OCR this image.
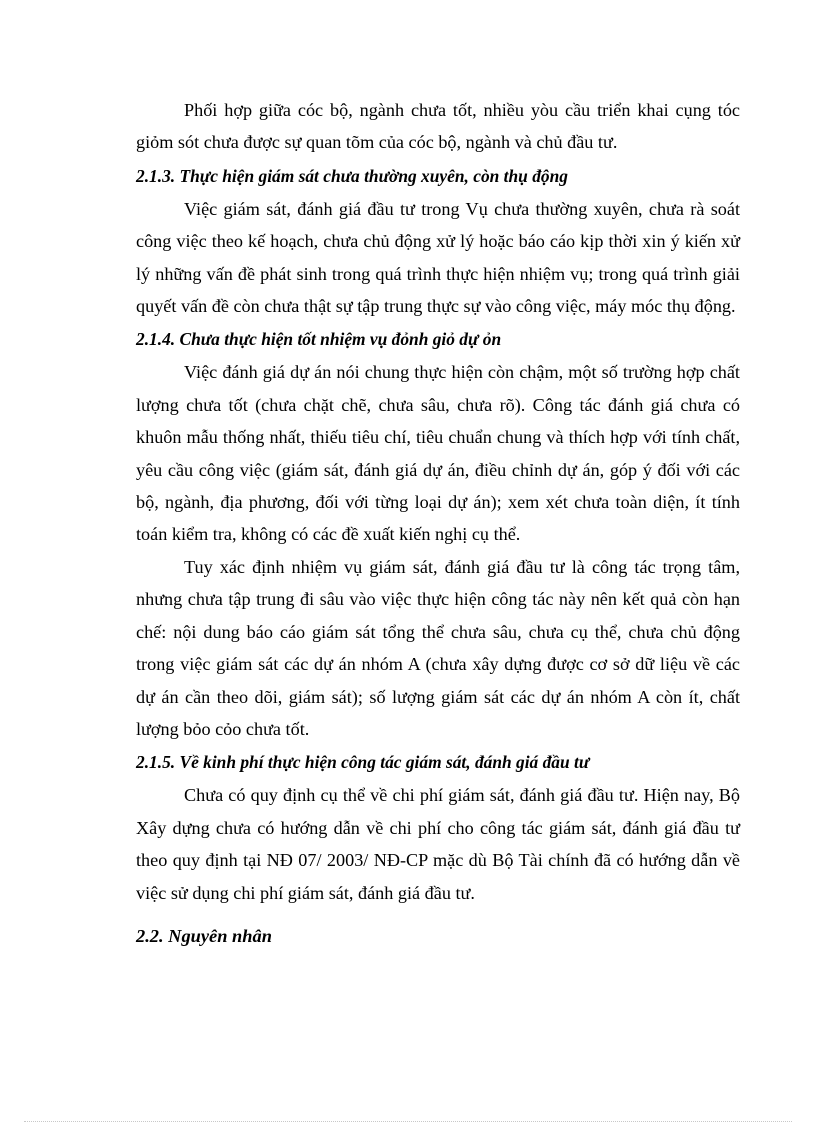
Phối hợp giữa cóc bộ, ngành chưa tốt, nhiều yòu cầu triển khai cụng tóc giỏm sót chưa được sự quan tõm của cóc bộ, ngành và chủ đầu tư.

2.1.3. Thực hiện giám sát chưa thường xuyên, còn thụ động

Việc giám sát, đánh giá đầu tư trong Vụ chưa thường xuyên, chưa rà soát công việc theo kế hoạch, chưa chủ động xử lý hoặc báo cáo kịp thời xin ý kiến xử lý những vấn đề phát sinh trong quá trình thực hiện nhiệm vụ; trong quá trình giải quyết vấn đề còn chưa thật sự tập trung thực sự vào công việc, máy móc thụ động.

2.1.4. Chưa thực hiện tốt nhiệm vụ đỏnh giỏ dự ỏn

Việc đánh giá dự án nói chung thực hiện còn chậm, một số trường hợp chất lượng chưa tốt (chưa chặt chẽ, chưa sâu, chưa rõ). Công tác đánh giá chưa có khuôn mẫu thống nhất, thiếu tiêu chí, tiêu chuẩn chung và thích hợp với tính chất, yêu cầu công việc (giám sát, đánh giá dự án, điều chỉnh dự án, góp ý đối với các bộ, ngành, địa phương, đối với từng loại dự án); xem xét chưa toàn diện, ít tính toán kiểm tra, không có các đề xuất kiến nghị cụ thể.

Tuy xác định nhiệm vụ giám sát, đánh giá đầu tư là công tác trọng tâm, nhưng chưa tập trung đi sâu vào việc thực hiện công tác này nên kết quả còn hạn chế: nội dung báo cáo giám sát tổng thể chưa sâu, chưa cụ thể, chưa chủ động trong việc giám sát các dự án nhóm A (chưa xây dựng được cơ sở dữ liệu về các dự án cần theo dõi, giám sát); số lượng giám sát các dự án nhóm A còn ít, chất lượng bỏo cỏo chưa tốt.

2.1.5. Về kinh phí thực hiện công tác giám sát, đánh giá đầu tư

Chưa có quy định cụ thể về chi phí giám sát, đánh giá đầu tư. Hiện nay, Bộ Xây dựng chưa có hướng dẫn về chi phí cho công tác giám sát, đánh giá đầu tư theo quy định tại NĐ 07/ 2003/ NĐ-CP mặc dù Bộ Tài chính đã có hướng dẫn về việc sử dụng chi phí giám sát, đánh giá đầu tư.

2.2. Nguyên nhân
